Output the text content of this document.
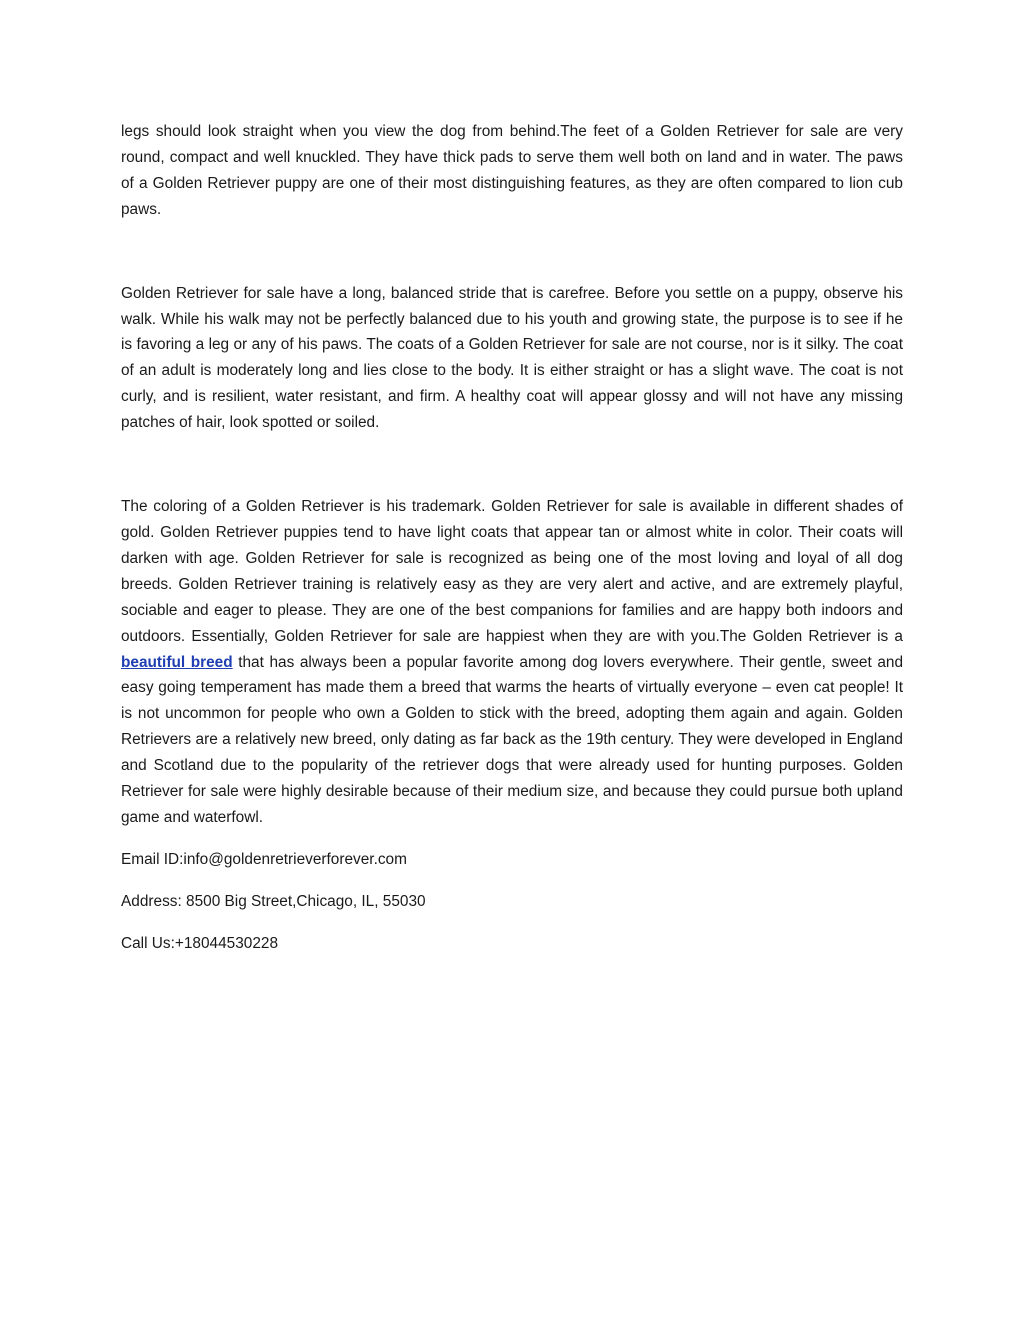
legs should look straight when you view the dog from behind.The feet of a Golden Retriever for sale are very round, compact and well knuckled. They have thick pads to serve them well both on land and in water. The paws of a Golden Retriever puppy are one of their most distinguishing features, as they are often compared to lion cub paws.

Golden Retriever for sale have a long, balanced stride that is carefree. Before you settle on a puppy, observe his walk. While his walk may not be perfectly balanced due to his youth and growing state, the purpose is to see if he is favoring a leg or any of his paws. The coats of a Golden Retriever for sale are not course, nor is it silky. The coat of an adult is moderately long and lies close to the body. It is either straight or has a slight wave. The coat is not curly, and is resilient, water resistant, and firm. A healthy coat will appear glossy and will not have any missing patches of hair, look spotted or soiled.

The coloring of a Golden Retriever is his trademark. Golden Retriever for sale is available in different shades of gold. Golden Retriever puppies tend to have light coats that appear tan or almost white in color. Their coats will darken with age. Golden Retriever for sale is recognized as being one of the most loving and loyal of all dog breeds. Golden Retriever training is relatively easy as they are very alert and active, and are extremely playful, sociable and eager to please. They are one of the best companions for families and are happy both indoors and outdoors. Essentially, Golden Retriever for sale are happiest when they are with you.The Golden Retriever is a beautiful breed that has always been a popular favorite among dog lovers everywhere. Their gentle, sweet and easy going temperament has made them a breed that warms the hearts of virtually everyone – even cat people! It is not uncommon for people who own a Golden to stick with the breed, adopting them again and again. Golden Retrievers are a relatively new breed, only dating as far back as the 19th century. They were developed in England and Scotland due to the popularity of the retriever dogs that were already used for hunting purposes. Golden Retriever for sale were highly desirable because of their medium size, and because they could pursue both upland game and waterfowl.

Email ID:info@goldenretrieverforever.com

Address: 8500 Big Street,Chicago, IL, 55030

Call Us:+18044530228
